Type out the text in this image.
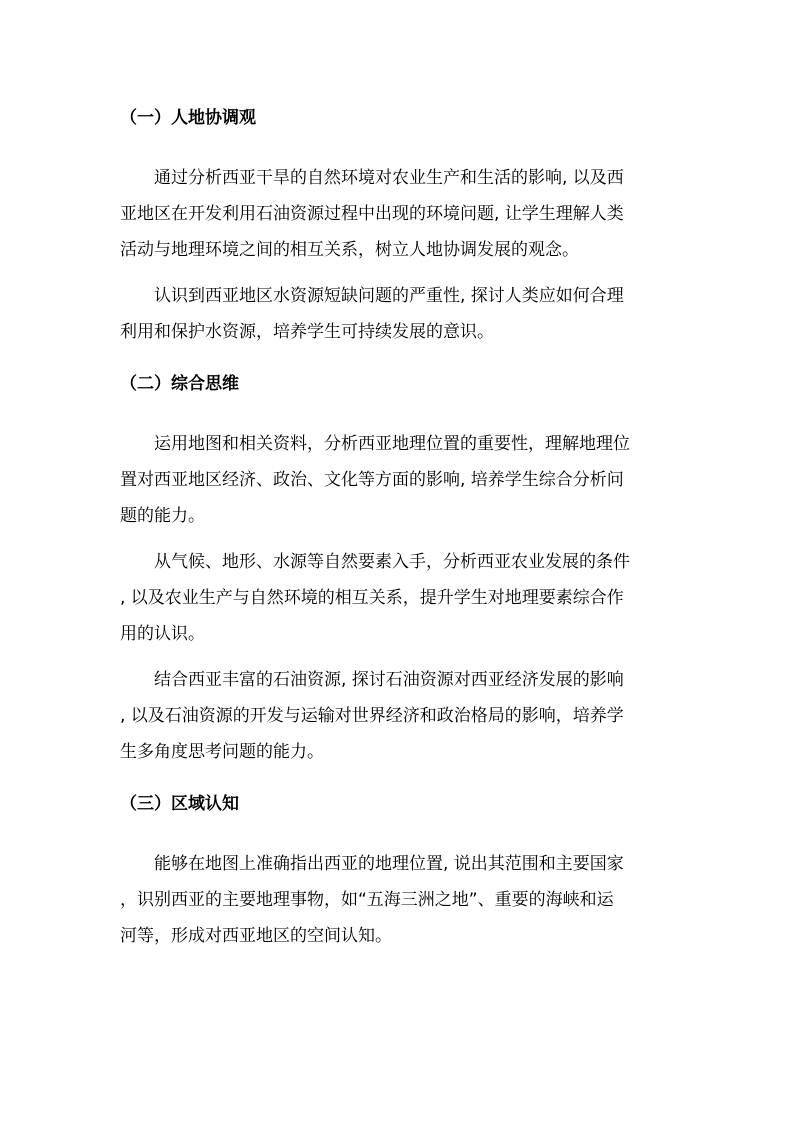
（一）人地协调观
通过分析西亚干旱的自然环境对农业生产和生活的影响, 以及西
亚地区在开发利用石油资源过程中出现的环境问题, 让学生理解人类
活动与地理环境之间的相互关系，树立人地协调发展的观念。
认识到西亚地区水资源短缺问题的严重性, 探讨人类应如何合理
利用和保护水资源，培养学生可持续发展的意识。
（二）综合思维
运用地图和相关资料，分析西亚地理位置的重要性，理解地理位
置对西亚地区经济、政治、文化等方面的影响, 培养学生综合分析问
题的能力。
从气候、地形、水源等自然要素入手，分析西亚农业发展的条件
, 以及农业生产与自然环境的相互关系，提升学生对地理要素综合作
用的认识。
结合西亚丰富的石油资源, 探讨石油资源对西亚经济发展的影响
, 以及石油资源的开发与运输对世界经济和政治格局的影响，培养学
生多角度思考问题的能力。
（三）区域认知
能够在地图上准确指出西亚的地理位置, 说出其范围和主要国家
，识别西亚的主要地理事物，如“五海三洲之地”、重要的海峡和运
河等，形成对西亚地区的空间认知。
